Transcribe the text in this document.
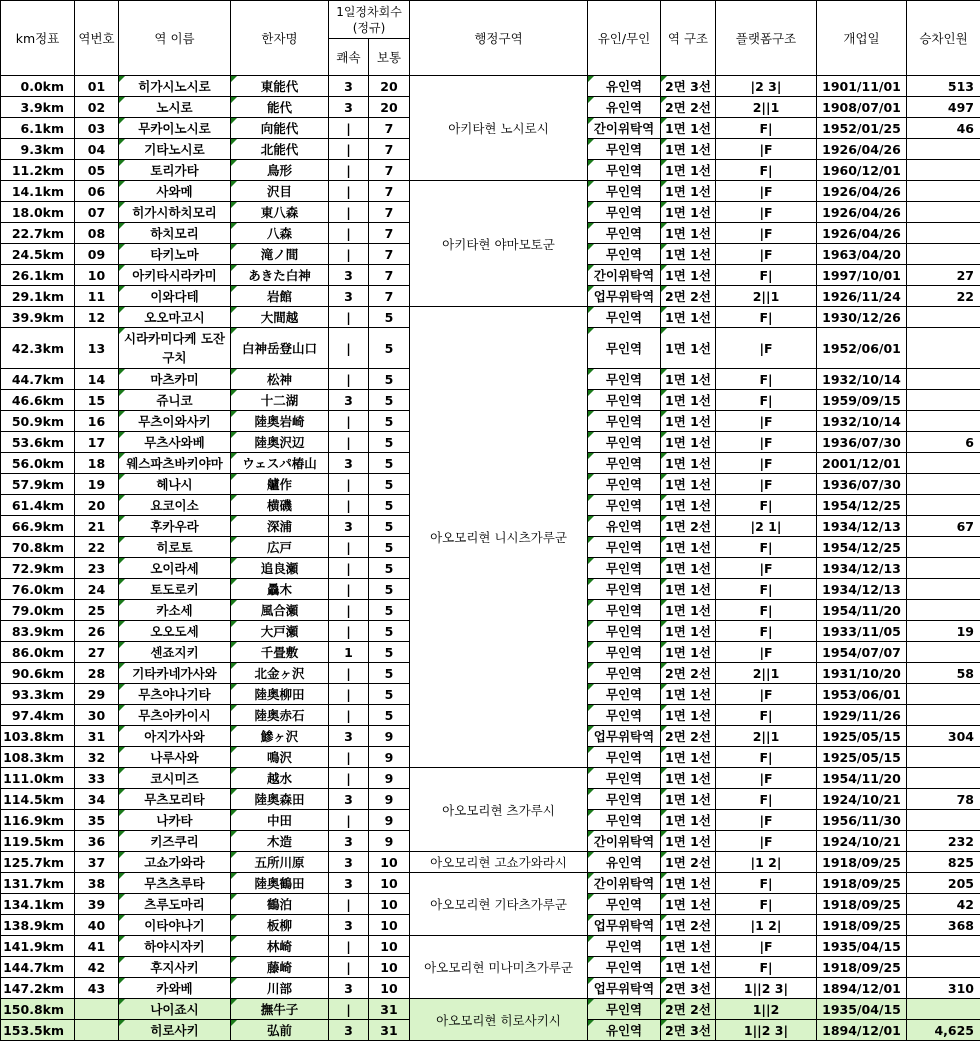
km정표	역번호	역 이름	한자명	1일정차회수 (정규)		행정구역	유인/무인	역 구조	플랫폼구조	개업일	승차인원
				쾌속	보통						
0.0km	01	히가시노시로	東能代	3	20	아키타현 노시로시	유인역	2면 3선	|2 3|	1901/11/01	513
3.9km	02	노시로	能代	3	20		유인역	2면 2선	2||1	1908/07/01	497
6.1km	03	무카이노시로	向能代	|	7		간이위탁역	1면 1선	F|	1952/01/25	46
9.3km	04	기타노시로	北能代	|	7		무인역	1면 1선	|F	1926/04/26	
11.2km	05	토리가타	鳥形	|	7		무인역	1면 1선	F|	1960/12/01	
14.1km	06	사와메	沢目	|	7	아키타현 야마모토군	무인역	1면 1선	|F	1926/04/26	
18.0km	07	히가시하치모리	東八森	|	7		무인역	1면 1선	|F	1926/04/26	
22.7km	08	하치모리	八森	|	7		무인역	1면 1선	|F	1926/04/26	
24.5km	09	타키노마	滝ノ間	|	7		무인역	1면 1선	|F	1963/04/20	
26.1km	10	아키타시라카미	あきた白神	3	7		간이위탁역	1면 1선	F|	1997/10/01	27
29.1km	11	이와다테	岩館	3	7		업무위탁역	2면 2선	2||1	1926/11/24	22
39.9km	12	오오마고시	大間越	|	5	아오모리현 니시츠가루군	무인역	1면 1선	F|	1930/12/26	
42.3km	13	시라카미다케 도잔구치	白神岳登山口	|	5		무인역	1면 1선	|F	1952/06/01	
44.7km	14	마츠카미	松神	|	5		무인역	1면 1선	F|	1932/10/14	
46.6km	15	쥬니코	十二湖	3	5		무인역	1면 1선	F|	1959/09/15	
50.9km	16	무츠이와사키	陸奥岩崎	|	5		무인역	1면 1선	|F	1932/10/14	
53.6km	17	무츠사와베	陸奥沢辺	|	5		무인역	1면 1선	|F	1936/07/30	6
56.0km	18	웨스파츠바키야마	ウェスパ椿山	3	5		무인역	1면 1선	|F	2001/12/01	
57.9km	19	헤나시	艫作	|	5		무인역	1면 1선	|F	1936/07/30	
61.4km	20	요코이소	横磯	|	5		무인역	1면 1선	F|	1954/12/25	
66.9km	21	후카우라	深浦	3	5		유인역	1면 2선	|2 1|	1934/12/13	67
70.8km	22	히로토	広戸	|	5		무인역	1면 1선	F|	1954/12/25	
72.9km	23	오이라세	追良瀬	|	5		무인역	1면 1선	|F	1934/12/13	
76.0km	24	토도로키	驫木	|	5		무인역	1면 1선	F|	1934/12/13	
79.0km	25	카소세	風合瀬	|	5		무인역	1면 1선	F|	1954/11/20	
83.9km	26	오오도세	大戸瀬	|	5		무인역	1면 1선	F|	1933/11/05	19
86.0km	27	센죠지키	千畳敷	1	5		무인역	1면 1선	|F	1954/07/07	
90.6km	28	기타카네가사와	北金ヶ沢	|	5		무인역	2면 2선	2||1	1931/10/20	58
93.3km	29	무츠야나기타	陸奥柳田	|	5		무인역	1면 1선	|F	1953/06/01	
97.4km	30	무츠아카이시	陸奥赤石	|	5		무인역	1면 1선	F|	1929/11/26	
103.8km	31	아지가사와	鰺ヶ沢	3	9		업무위탁역	2면 2선	2||1	1925/05/15	304
108.3km	32	나루사와	鳴沢	|	9		무인역	1면 1선	F|	1925/05/15	
111.0km	33	코시미즈	越水	|	9	아오모리현 츠가루시	무인역	1면 1선	|F	1954/11/20	
114.5km	34	무츠모리타	陸奥森田	3	9		무인역	1면 1선	F|	1924/10/21	78
116.9km	35	나카타	中田	|	9		무인역	1면 1선	|F	1956/11/30	
119.5km	36	키즈쿠리	木造	3	9		간이위탁역	1면 1선	|F	1924/10/21	232
125.7km	37	고쇼가와라	五所川原	3	10	아오모리현 고쇼가와라시	유인역	1면 2선	|1 2|	1918/09/25	825
131.7km	38	무츠츠루타	陸奥鶴田	3	10	아오모리현 기타츠가루군	간이위탁역	1면 1선	F|	1918/09/25	205
134.1km	39	츠루도마리	鶴泊	|	10		무인역	1면 1선	F|	1918/09/25	42
138.9km	40	이타야나기	板柳	3	10		업무위탁역	1면 2선	|1 2|	1918/09/25	368
141.9km	41	하야시자키	林崎	|	10	아오모리현 미나미츠가루군	무인역	1면 1선	|F	1935/04/15	
144.7km	42	후지사키	藤崎	|	10		무인역	1면 1선	F|	1918/09/25	
147.2km	43	카와베	川部	3	10		업무위탁역	2면 3선	1||2 3|	1894/12/01	310
150.8km		나이죠시	撫牛子	|	31	아오모리현 히로사키시	무인역	2면 2선	1||2	1935/04/15	
153.5km		히로사키	弘前	3	31		유인역	2면 3선	1||2 3|	1894/12/01	4,625
